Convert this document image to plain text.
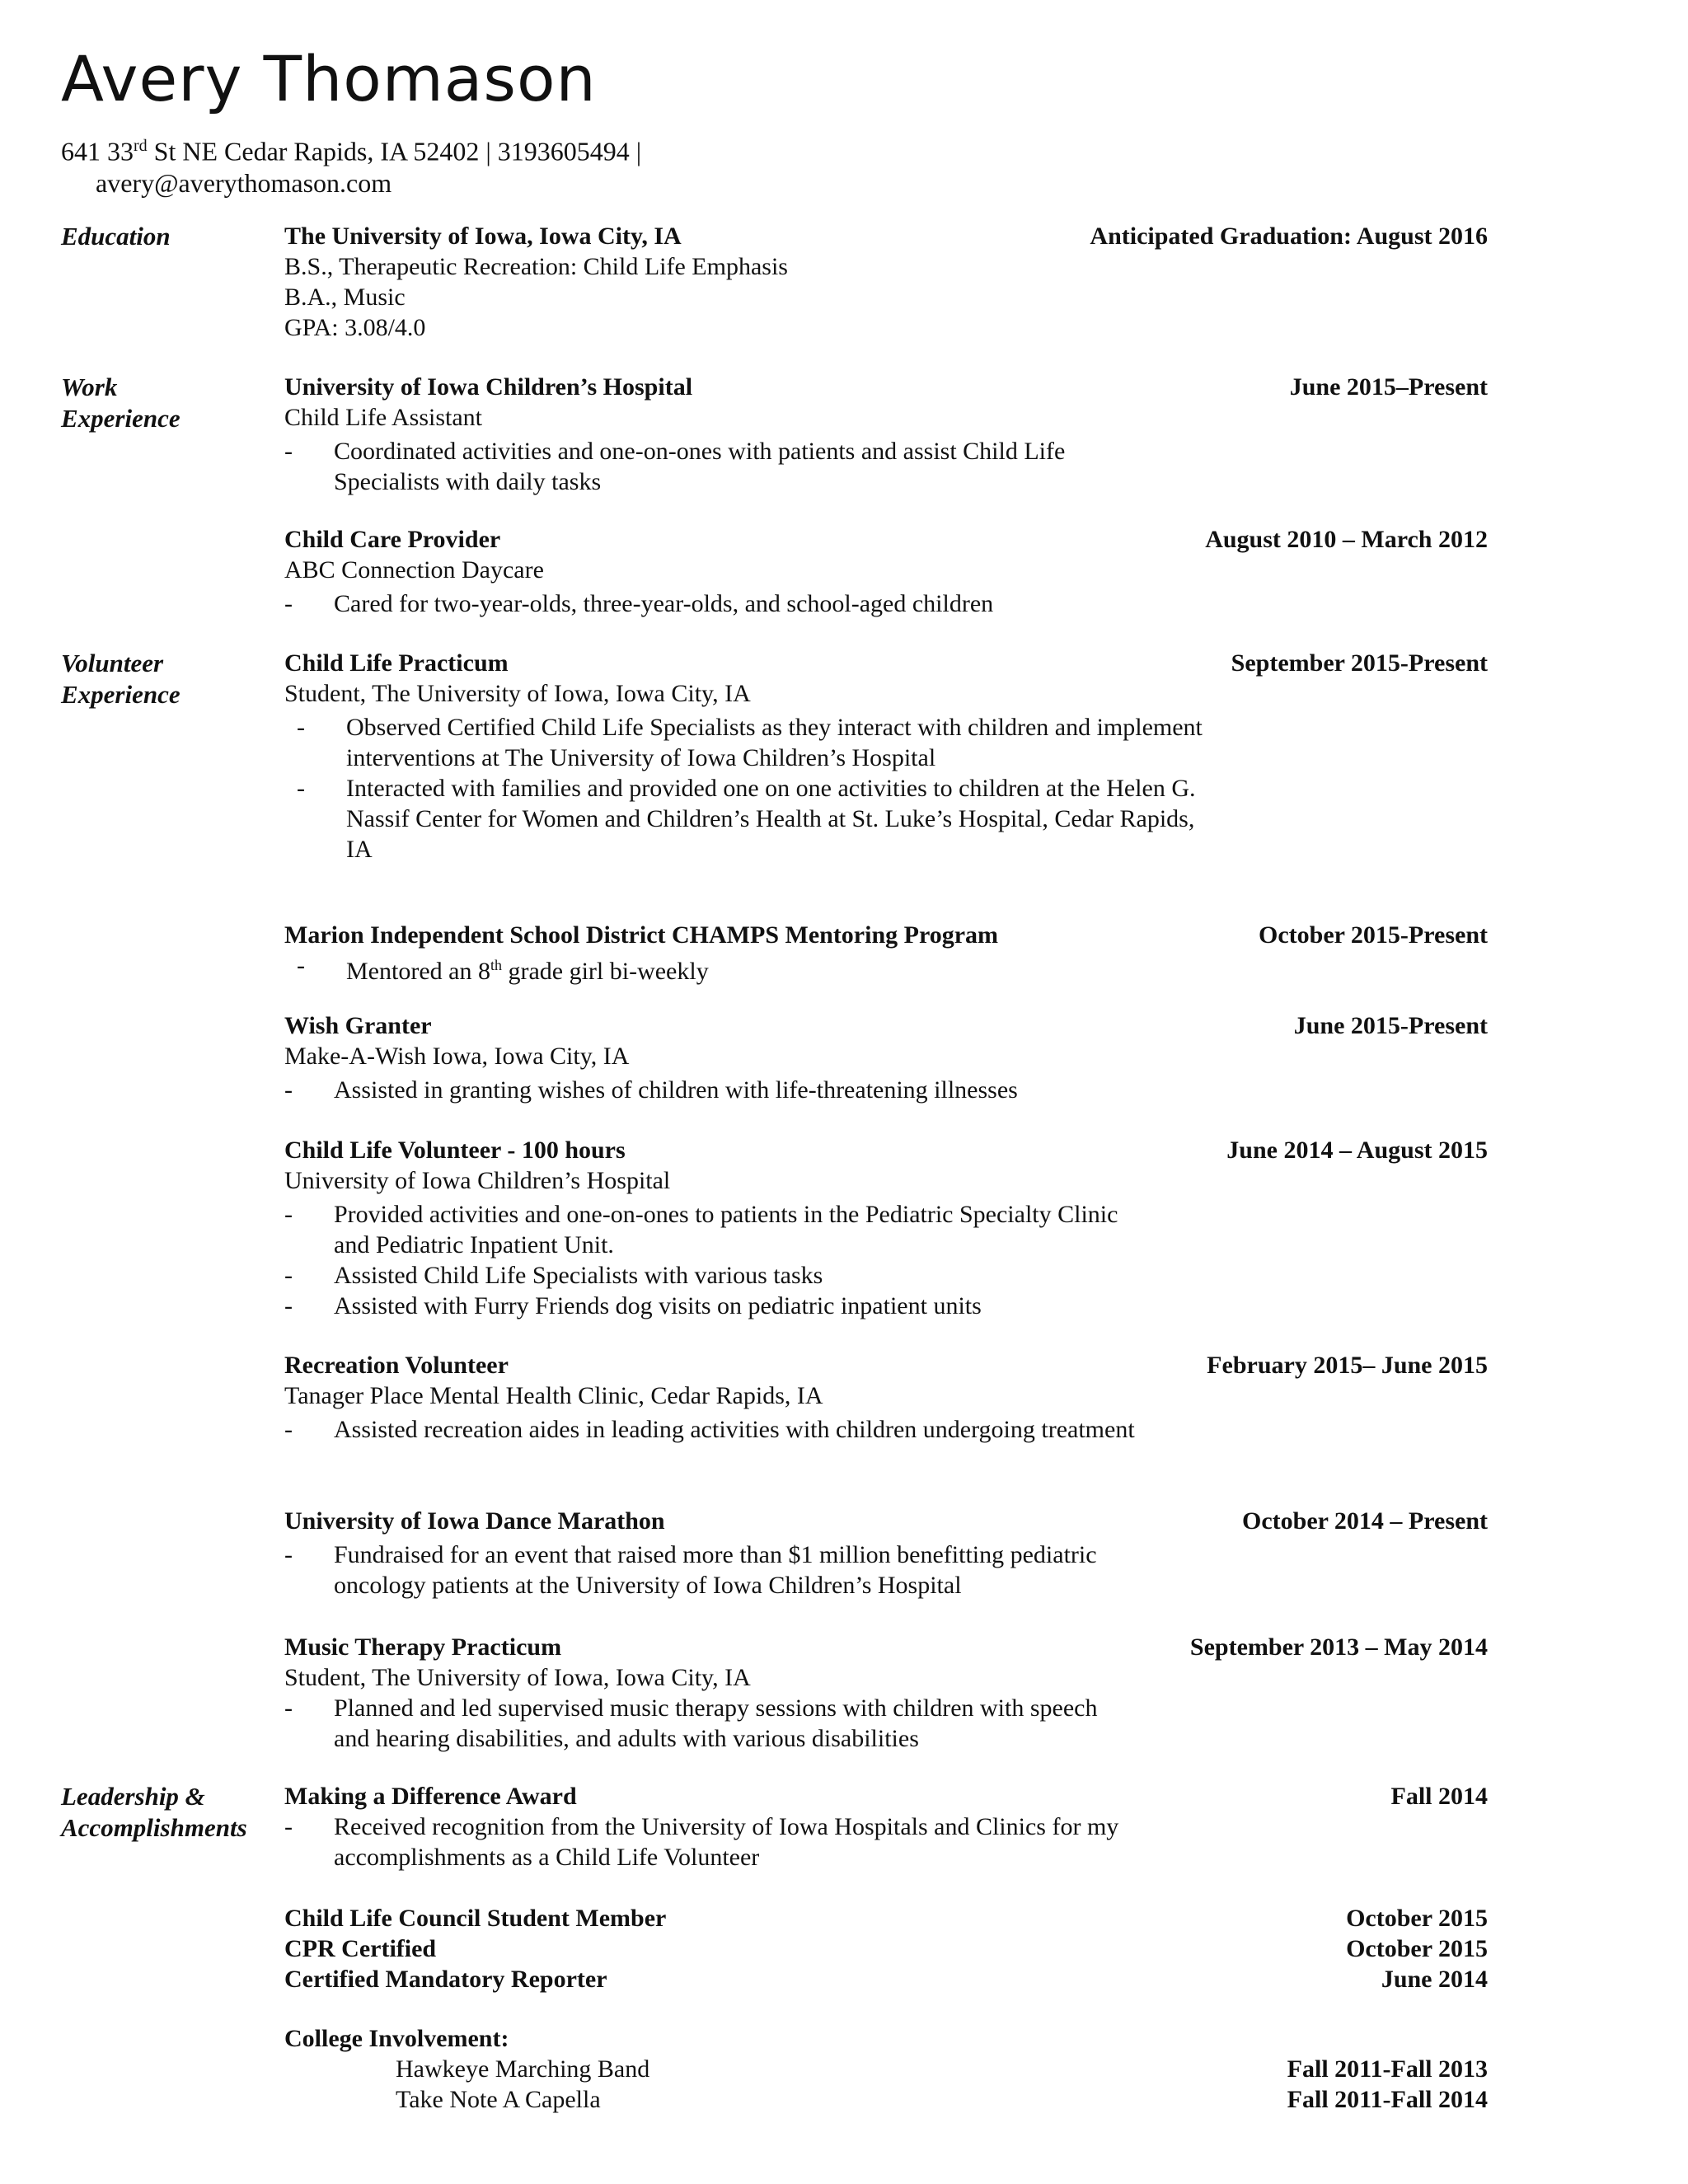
Avery Thomason
641 33rd St NE Cedar Rapids, IA 52402 | 3193605494 |
avery@averythomason.com
Education	The University of Iowa, Iowa City, IA	Anticipated Graduation: August 2016
B.S., Therapeutic Recreation: Child Life Emphasis
B.A., Music
GPA: 3.08/4.0
Work
Experience
University of Iowa Children’s Hospital	June 2015–Present
Child Life Assistant
- Coordinated activities and one-on-ones with patients and assist Child Life Specialists with daily tasks
Child Care Provider	August 2010 – March 2012
ABC Connection Daycare
- Cared for two-year-olds, three-year-olds, and school-aged children
Volunteer
Experience
Child Life Practicum	September 2015-Present
Student, The University of Iowa, Iowa City, IA
- Observed Certified Child Life Specialists as they interact with children and implement interventions at The University of Iowa Children’s Hospital
- Interacted with families and provided one on one activities to children at the Helen G. Nassif Center for Women and Children’s Health at St. Luke’s Hospital, Cedar Rapids, IA
Marion Independent School District CHAMPS Mentoring Program	October 2015-Present
- Mentored an 8th grade girl bi-weekly
Wish Granter	June 2015-Present
Make-A-Wish Iowa, Iowa City, IA
- Assisted in granting wishes of children with life-threatening illnesses
Child Life Volunteer - 100 hours	June 2014 – August 2015
University of Iowa Children’s Hospital
- Provided activities and one-on-ones to patients in the Pediatric Specialty Clinic and Pediatric Inpatient Unit.
- Assisted Child Life Specialists with various tasks
- Assisted with Furry Friends dog visits on pediatric inpatient units
Recreation Volunteer	February 2015– June 2015
Tanager Place Mental Health Clinic, Cedar Rapids, IA
- Assisted recreation aides in leading activities with children undergoing treatment
University of Iowa Dance Marathon	October 2014 – Present
- Fundraised for an event that raised more than $1 million benefitting pediatric oncology patients at the University of Iowa Children’s Hospital
Music Therapy Practicum	September 2013 – May 2014
Student, The University of Iowa, Iowa City, IA
- Planned and led supervised music therapy sessions with children with speech and hearing disabilities, and adults with various disabilities
Leadership &
Accomplishments
Making a Difference Award	Fall 2014
- Received recognition from the University of Iowa Hospitals and Clinics for my accomplishments as a Child Life Volunteer
Child Life Council Student Member	October 2015
CPR Certified	October 2015
Certified Mandatory Reporter	June 2014
College Involvement:
Hawkeye Marching Band	Fall 2011-Fall 2013
Take Note A Capella	Fall 2011-Fall 2014
